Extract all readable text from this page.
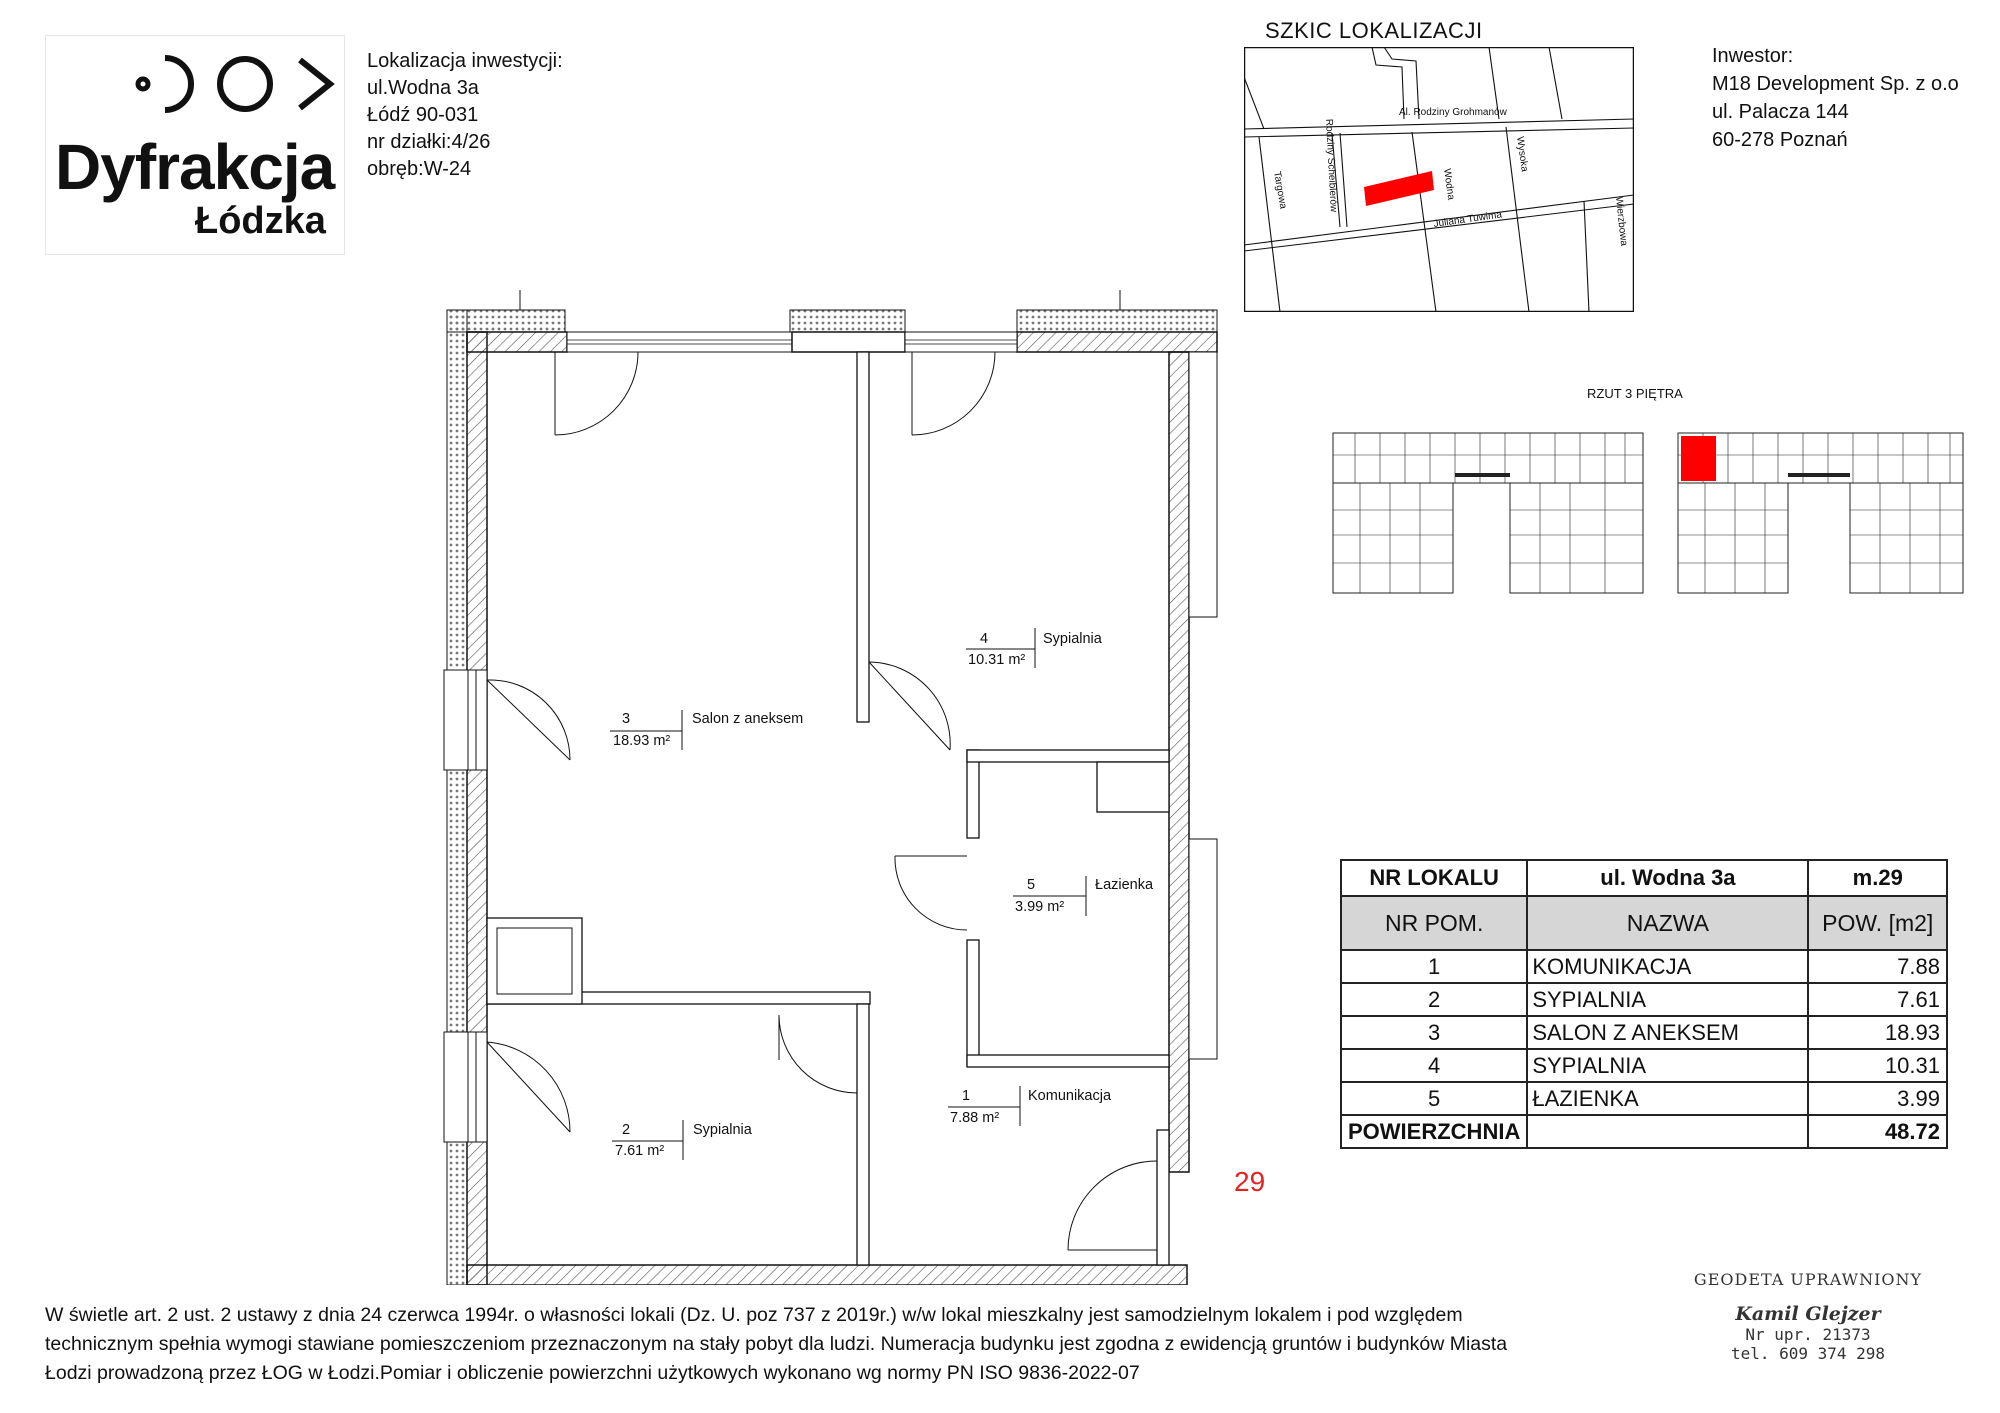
Dyfrakcja
Łódzka
Lokalizacja inwestycji:
ul.Wodna 3a
Łódź 90-031
nr działki:4/26
obręb:W-24
Inwestor:
M18 Development Sp. z o.o
ul. Palacza 144
60-278 Poznań
SZKIC LOKALIZACJI
Al. Rodziny Grohmanów
Rodziny Scheiblerów	Wodna
Wysoka
Targowa
Juliana Tuwima	Wierzbowa
RZUT 3 PIĘTRA
3	Salon z aneksem
18.93 m²
4	Sypialnia
10.31 m²
5	Łazienka
3.99 m²
1	Komunikacja
7.88 m²
2	Sypialnia
7.61 m²
29
NR LOKALU	ul. Wodna 3a	m.29
NR POM.	NAZWA	POW. [m2]
1	KOMUNIKACJA	7.88
2	SYPIALNIA	7.61
3	SALON Z ANEKSEM	18.93
4	SYPIALNIA	10.31
5	ŁAZIENKA	3.99
POWIERZCHNIA		48.72
W świetle art. 2 ust. 2 ustawy z dnia 24 czerwca 1994r. o własności lokali (Dz. U. poz 737 z 2019r.) w/w lokal mieszkalny jest samodzielnym lokalem i pod względem
technicznym spełnia wymogi stawiane pomieszczeniom przeznaczonym na stały pobyt dla ludzi. Numeracja budynku jest zgodna z ewidencją gruntów i budynków Miasta
Łodzi prowadzoną przez ŁOG w Łodzi.Pomiar i obliczenie powierzchni użytkowych wykonano wg normy PN ISO 9836-2022-07
GEODETA UPRAWNIONY
Kamil Glejzer
Nr upr. 21373
tel. 609 374 298
